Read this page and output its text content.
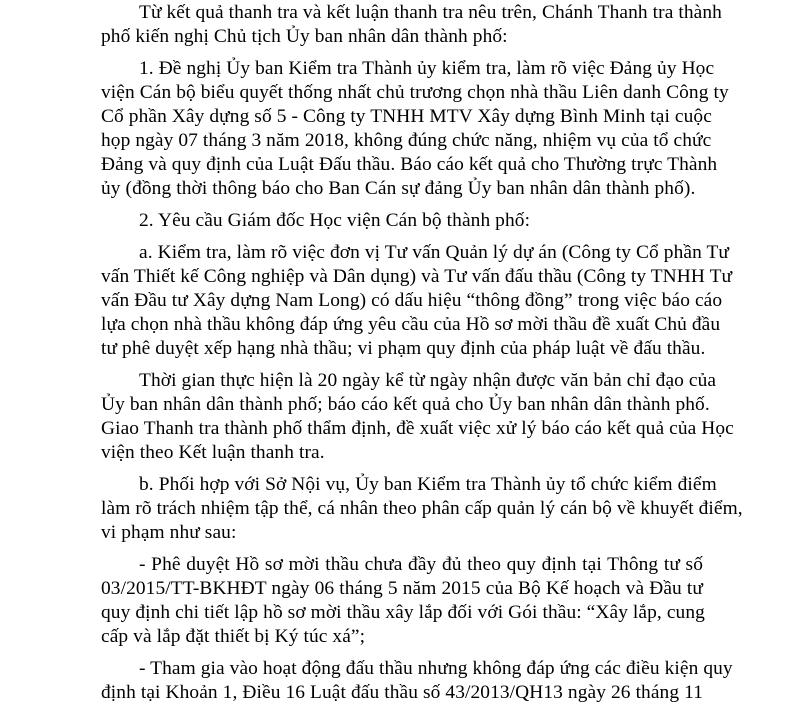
Từ kết quả thanh tra và kết luận thanh tra nêu trên, Chánh Thanh tra thành
phố kiến nghị Chủ tịch Ủy ban nhân dân thành phố:
1. Đề nghị Ủy ban Kiểm tra Thành ủy kiểm tra, làm rõ việc Đảng ủy Học
viện Cán bộ biểu quyết thống nhất chủ trương chọn nhà thầu Liên danh Công ty
Cổ phần Xây dựng số 5 - Công ty TNHH MTV Xây dựng Bình Minh tại cuộc
họp ngày 07 tháng 3 năm 2018, không đúng chức năng, nhiệm vụ của tổ chức
Đảng và quy định của Luật Đấu thầu. Báo cáo kết quả cho Thường trực Thành
ủy (đồng thời thông báo cho Ban Cán sự đảng Ủy ban nhân dân thành phố).
2. Yêu cầu Giám đốc Học viện Cán bộ thành phố:
a. Kiểm tra, làm rõ việc đơn vị Tư vấn Quản lý dự án (Công ty Cổ phần Tư
vấn Thiết kế Công nghiệp và Dân dụng) và Tư vấn đấu thầu (Công ty TNHH Tư
vấn Đầu tư Xây dựng Nam Long) có dấu hiệu “thông đồng” trong việc báo cáo
lựa chọn nhà thầu không đáp ứng yêu cầu của Hồ sơ mời thầu đề xuất Chủ đầu
tư phê duyệt xếp hạng nhà thầu; vi phạm quy định của pháp luật về đấu thầu.
Thời gian thực hiện là 20 ngày kể từ ngày nhận được văn bản chỉ đạo của
Ủy ban nhân dân thành phố; báo cáo kết quả cho Ủy ban nhân dân thành phố.
Giao Thanh tra thành phố thẩm định, đề xuất việc xử lý báo cáo kết quả của Học
viện theo Kết luận thanh tra.
b. Phối hợp với Sở Nội vụ, Ủy ban Kiểm tra Thành ủy tổ chức kiểm điểm
làm rõ trách nhiệm tập thể, cá nhân theo phân cấp quản lý cán bộ về khuyết điểm,
vi phạm như sau:
- Phê duyệt Hồ sơ mời thầu chưa đầy đủ theo quy định tại Thông tư số
03/2015/TT-BKHĐT ngày 06 tháng 5 năm 2015 của Bộ Kế hoạch và Đầu tư
quy định chi tiết lập hồ sơ mời thầu xây lắp đối với Gói thầu: “Xây lắp, cung
cấp và lắp đặt thiết bị Ký túc xá”;
- Tham gia vào hoạt động đấu thầu nhưng không đáp ứng các điều kiện quy
định tại Khoản 1, Điều 16 Luật đấu thầu số 43/2013/QH13 ngày 26 tháng 11
